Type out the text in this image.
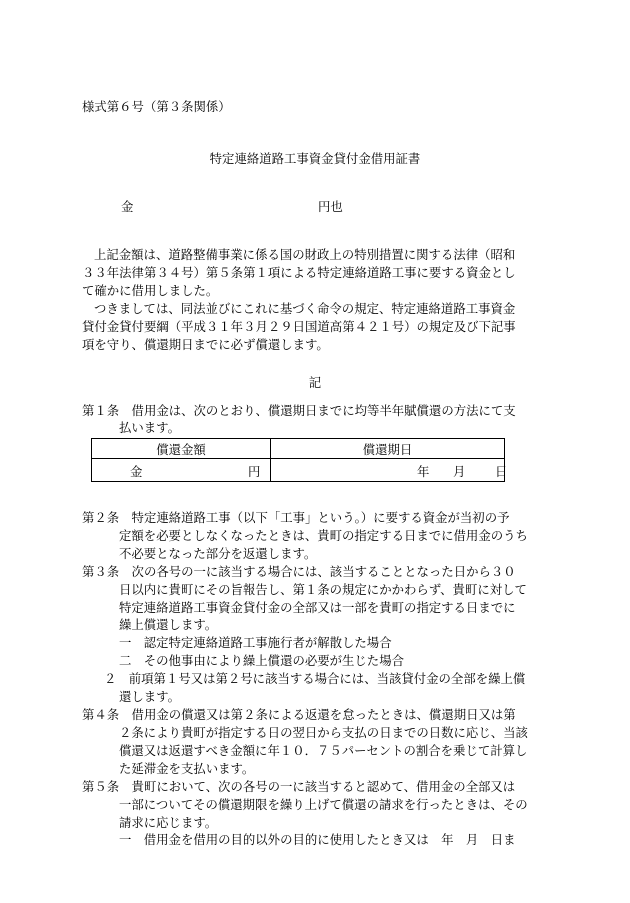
様式第６号（第３条関係）
特定連絡道路工事資金貸付金借用証書
金	円也
上記金額は、道路整備事業に係る国の財政上の特別措置に関する法律（昭和
３３年法律第３４号）第５条第１項による特定連絡道路工事に要する資金とし
て確かに借用しました。
つきましては、同法並びにこれに基づく命令の規定、特定連絡道路工事資金
貸付金貸付要綱（平成３１年３月２９日国道高第４２１号）の規定及び下記事
項を守り、償還期日までに必ず償還します。
記
第１条　借用金は、次のとおり、償還期日までに均等半年賦償還の方法にて支
払います。
償還金額	償還期日

金 円	年 月 日
第２条　特定連絡道路工事（以下「工事」という。）に要する資金が当初の予
定額を必要としなくなったときは、貴町の指定する日までに借用金のうち
不必要となった部分を返還します。
第３条　次の各号の一に該当する場合には、該当することとなった日から３０
日以内に貴町にその旨報告し、第１条の規定にかかわらず、貴町に対して
特定連絡道路工事資金貸付金の全部又は一部を貴町の指定する日までに
繰上償還します。
一　認定特定連絡道路工事施行者が解散した場合
二　その他事由により繰上償還の必要が生じた場合
２　前項第１号又は第２号に該当する場合には、当該貸付金の全部を繰上償
還します。
第４条　借用金の償還又は第２条による返還を怠ったときは、償還期日又は第
２条により貴町が指定する日の翌日から支払の日までの日数に応じ、当該
償還又は返還すべき金額に年１０．７５パーセントの割合を乗じて計算し
た延滞金を支払います。
第５条　貴町において、次の各号の一に該当すると認めて、借用金の全部又は
一部についてその償還期限を繰り上げて償還の請求を行ったときは、その
請求に応じます。
一　借用金を借用の目的以外の目的に使用したとき又は　年　月　日ま
